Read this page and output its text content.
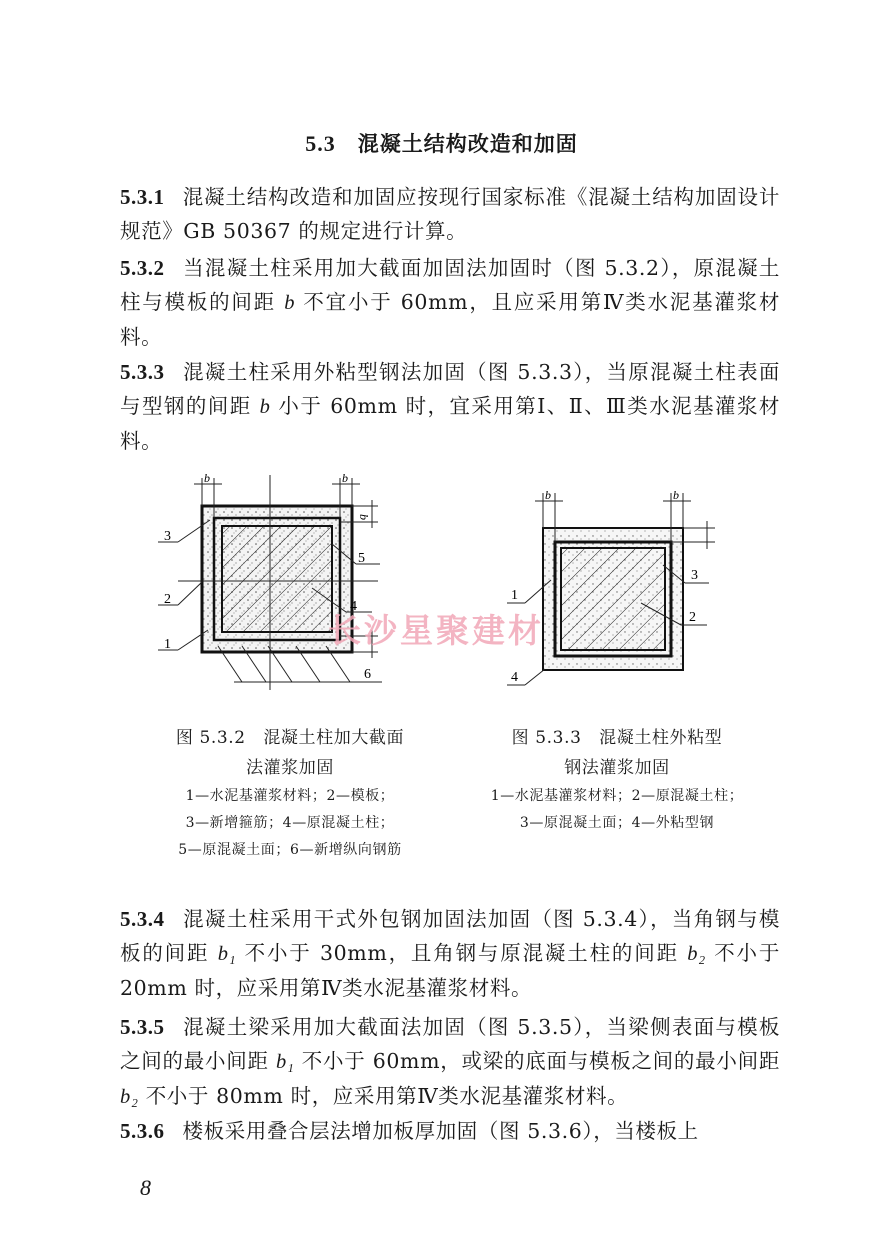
5.3 混凝土结构改造和加固
5.3.1 混凝土结构改造和加固应按现行国家标准《混凝土结构加固设计规范》GB 50367 的规定进行计算。
5.3.2 当混凝土柱采用加大截面加固法加固时（图 5.3.2），原混凝土柱与模板的间距 b 不宜小于 60mm，且应采用第Ⅳ类水泥基灌浆材料。
5.3.3 混凝土柱采用外粘型钢法加固（图 5.3.3），当原混凝土柱表面与型钢的间距 b 小于 60mm 时，宜采用第Ⅰ、Ⅱ、Ⅲ类水泥基灌浆材料。
b	b
b
3
2
1
5
4
6
b	b
1
3
2
4
长沙星聚建材
图 5.3.2　混凝土柱加大截面
法灌浆加固
1—水泥基灌浆材料；2—模板；
3—新增箍筋；4—原混凝土柱；
5—原混凝土面；6—新增纵向钢筋
图 5.3.3　混凝土柱外粘型
钢法灌浆加固
1—水泥基灌浆材料；2—原混凝土柱；
3—原混凝土面；4—外粘型钢
5.3.4 混凝土柱采用干式外包钢加固法加固（图 5.3.4），当角钢与模板的间距 b₁ 不小于 30mm，且角钢与原混凝土柱的间距 b₂ 不小于 20mm 时，应采用第Ⅳ类水泥基灌浆材料。
5.3.5 混凝土梁采用加大截面法加固（图 5.3.5），当梁侧表面与模板之间的最小间距 b₁ 不小于 60mm，或梁的底面与模板之间的最小间距 b₂ 不小于 80mm 时，应采用第Ⅳ类水泥基灌浆材料。
5.3.6 楼板采用叠合层法增加板厚加固（图 5.3.6），当楼板上
8
